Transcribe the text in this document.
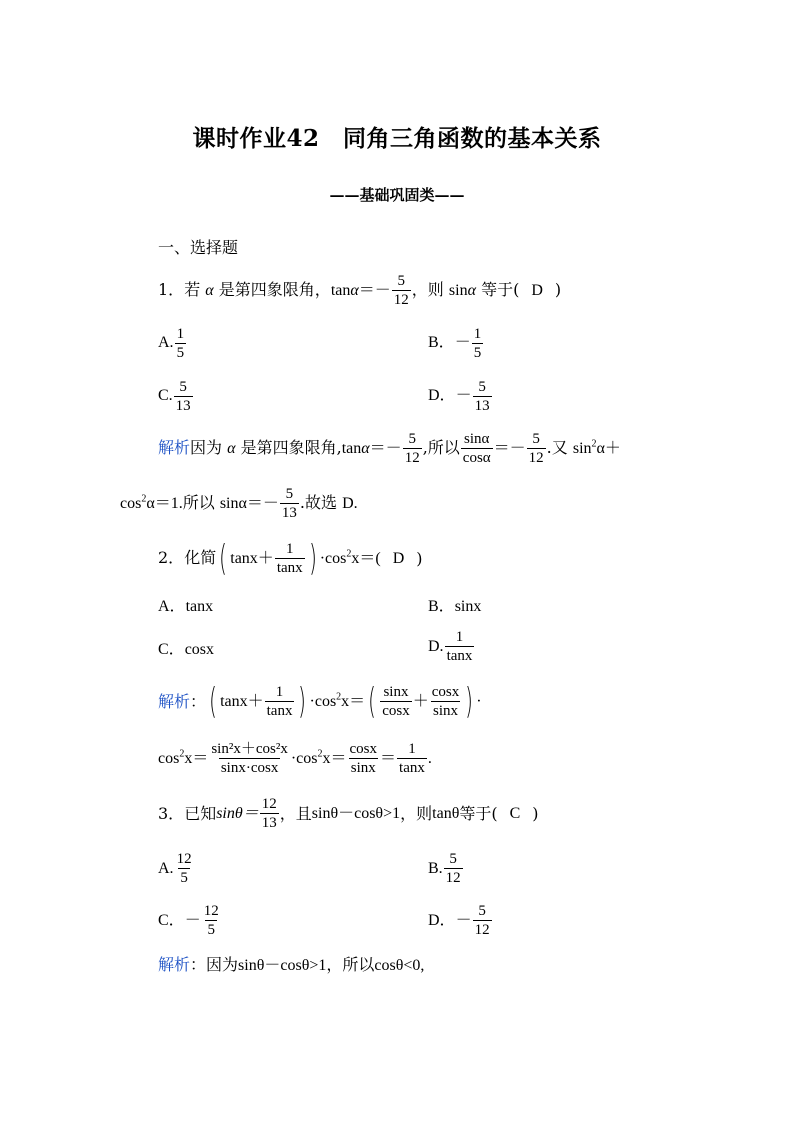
课时作业42　同角三角函数的基本关系
——基础巩固类——
一、选择题
1．若 α 是第四象限角，$\tan\alpha=- \frac{5}{12}$ ，则 sinα 等于( D )
A. $\frac{1}{5}$	B．－ $\frac{1}{5}$
C. $\frac{5}{13}$	D．－ $\frac{5}{13}$
解析因为 α 是第四象限角$,\tan\alpha=- \frac{5}{12}$ ,所以 $\frac{\sin\alpha}{\cos\alpha} =- \frac{5}{12}$ .又 $\sin^2\alpha+$
$\cos^2\alpha=1$.所以 $\sin\alpha=- \frac{5}{13}$ .故选 D.
2．化简( $\tan x+ \frac{1}{\tan x}$ ) $\cdot\cos^2x=$( D )
A．tanx	B．sinx
C．cosx	D. $\frac{1}{\tan x}$
解析：( $\tan x+ \frac{1}{\tan x}$ ) $\cdot\cos^2x=( \frac{\sin x}{\cos x} + \frac{\cos x}{\sin x}$ ) ·
$\cos^2x= \frac{\text{sin²x＋cos²x}}{\sin x\cdot\cos x} \cdot\cos^2x= \frac{\cos x}{\sin x} = \frac{1}{\tan x}$ .
3．已知$\sin\theta= \frac{12}{13}$ ，且sinθ－cosθ>1，则tanθ等于( C )
A. $\frac{12}{5}$	B. $\frac{5}{12}$
C．－ $\frac{12}{5}$	D．－ $\frac{5}{12}$
解析：因为sinθ－cosθ>1，所以cosθ<0,
